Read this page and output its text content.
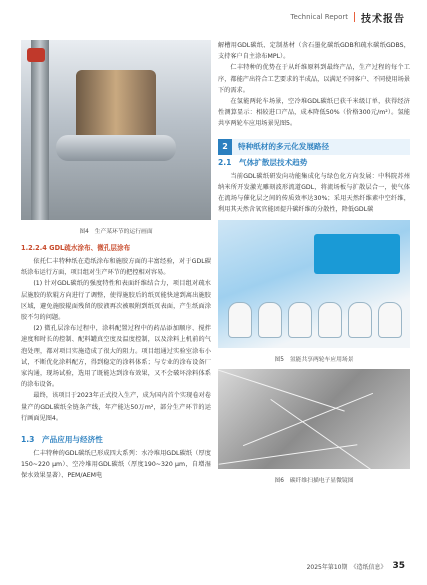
Technical Report 技术报告
图4　生产某环节的运行画面
1.2.2.4 GDL疏水涂布、微孔层涂布

依托仁丰特种纸在造纸涂布和施胶方面的丰富经验，对于GDL碳纸涂布运行方面，项目组对生产环节的把控相对容易。

(1) 针对GDL碳纸的强度特性和表面纤维结合力，项目组对疏水层施胶的软辊方向进行了调整，使得施胶后的纸页能快速到离出施胶区域，避免施胶辊面残留的胶液再次被吸附到纸页表面，产生纸面涂胶不匀的问题。

(2) 微孔层涂布过程中，涂料配置过程中的药品添加顺序、搅拌速度和时长的控制、配料罐真空度及温度控制，以及涂料上机前的气泡处理，都对项目实施造成了很大的阻力。项目组通过实验室涂布小试，不断优化涂料配方，得到稳定的涂料体系；与专业的涂布设备厂家沟通，现场试验，选用了既能达到涂布效果，又不会破坏涂料体系的涂布设备。

最终，该项目于2023年正式投入生产，成为国内首个实现卷对卷量产的GDL碳纸全链条产线，年产能达50万m²，部分生产环节的运行画面见图4。

1.3　产品应用与经济性

仁丰特种的GDL碳纸已形成四大系列：水冷堆用GDL碳纸（厚度150~220 μm）、空冷堆用GDL碳纸（厚度190~320 μm，自增湿保水效果显著）、PEM/AEM电

解槽用GDL碳纸、定制基材（含石墨化碳纸GDB和疏水碳纸GDBS，支持客户自主涂布MPL）。

仁丰特种的优势在于从纤维原料到最终产品，生产过程的每个工序，都能产出符合工艺要求的半成品，以满足不同客户、不同使用场景下的需求。

在氢能两轮车场景，空冷堆GDL碳纸已获千米级订单，获得经济性测算显示：相较进口产品，成本降低50%（价格300元/m²）。氢能共享两轮车应用场景见图5。

2	特种纸材的多元化发展路径
2.1　气体扩散层技术趋势

当前GDL碳纸研发向功能集成化与绿色化方向发展：中科院苏州纳米所开发激光雕刻波形流道GDL，将流场板与扩散层合一，使气体在流场与催化层之间的传质效率达30%；采用天然纤维素中空纤维，利用其天然含氧官能团提升碳纤维的分散性，降低GDL碳

图5　氢能共享两轮车应用场景
图6　碳纤维扫描电子显微镜图
2025年第10期　《造纸信息》 35
